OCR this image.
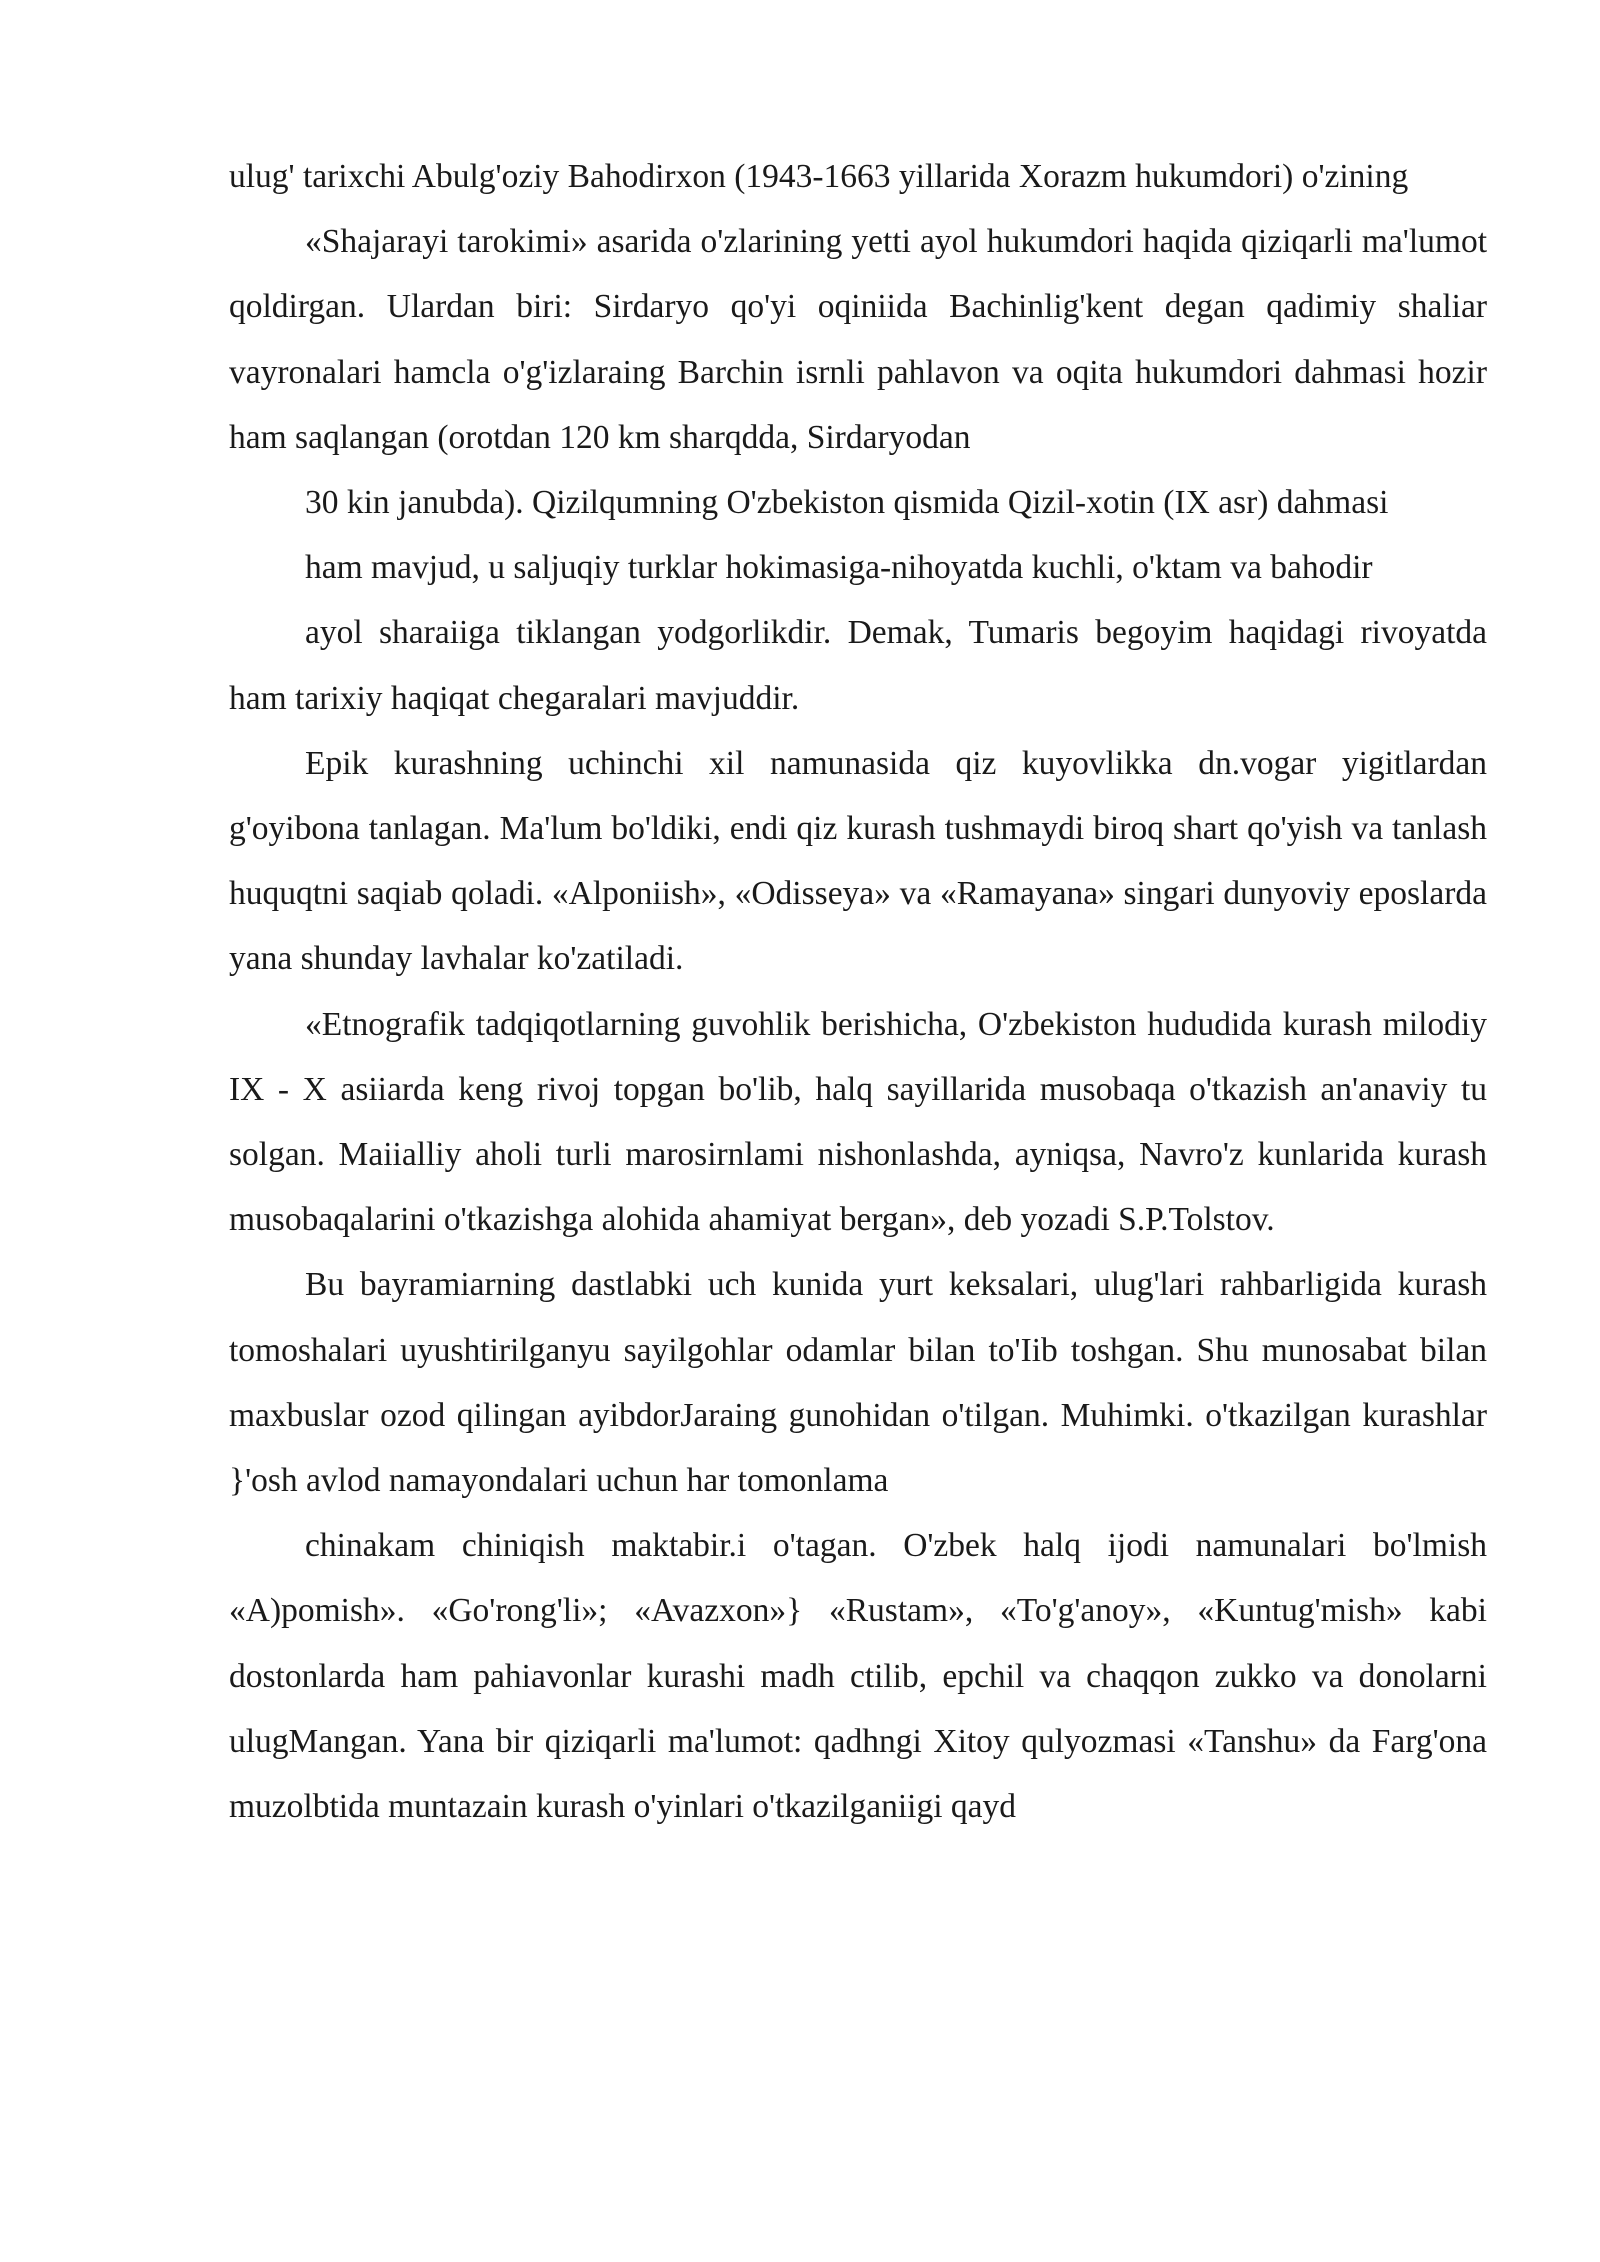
ulug' tarixchi Abulg'oziy Bahodirxon (1943-1663 yillarida Xorazm hukumdori) o'zining

«Shajarayi tarokimi» asarida o'zlarining yetti ayol hukumdori haqida qiziqarli ma'lumot qoldirgan. Ulardan biri: Sirdaryo qo'yi oqiniida Bachinlig'kent degan qadimiy shaliar vayronalari hamcla o'g'izlaraing Barchin isrnli pahlavon va oqita hukumdori dahmasi hozir ham saqlangan (orotdan 120 km sharqdda, Sirdaryodan

30 kin janubda). Qizilqumning O'zbekiston qismida Qizil-xotin (IX asr) dahmasi

ham mavjud, u saljuqiy turklar hokimasiga-nihoyatda kuchli, o'ktam va bahodir

ayol sharaiiga tiklangan yodgorlikdir. Demak, Tumaris begoyim haqidagi rivoyatda ham tarixiy haqiqat chegaralari mavjuddir.

Epik kurashning uchinchi xil namunasida qiz kuyovlikka dn.vogar yigitlardan g'oyibona tanlagan. Ma'lum bo'ldiki, endi qiz kurash tushmaydi biroq shart qo'yish va tanlash huquqtni saqiab qoladi. «Alponiish», «Odisseya» va «Ramayana» singari dunyoviy eposlarda yana shunday lavhalar ko'zatiladi.

«Etnografik tadqiqotlarning guvohlik berishicha, O'zbekiston hududida kurash milodiy IX - X asiiarda keng rivoj topgan bo'lib, halq sayillarida musobaqa o'tkazish an'anaviy tu solgan. Maiialliy aholi turli marosirnlami nishonlashda, ayniqsa, Navro'z kunlarida kurash musobaqalarini o'tkazishga alohida ahamiyat bergan», deb yozadi S.P.Tolstov.

Bu bayramiarning dastlabki uch kunida yurt keksalari, ulug'lari rahbarligida kurash tomoshalari uyushtirilganyu sayilgohlar odamlar bilan to'Iib toshgan. Shu munosabat bilan maxbuslar ozod qilingan ayibdorJaraing gunohidan o'tilgan. Muhimki. o'tkazilgan kurashlar }'osh avlod namayondalari uchun har tomonlama

chinakam chiniqish maktabir.i o'tagan. O'zbek halq ijodi namunalari bo'lmish «A)pomish». «Go'rong'li»; «Avazxon»} «Rustam», «To'g'anoy», «Kuntug'mish» kabi dostonlarda ham pahiavonlar kurashi madh ctilib, epchil va chaqqon zukko va donolarni ulugMangan. Yana bir qiziqarli ma'lumot: qadhngi Xitoy qulyozmasi «Tanshu» da Farg'ona muzolbtida muntazain kurash o'yinlari o'tkazilganiigi qayd
